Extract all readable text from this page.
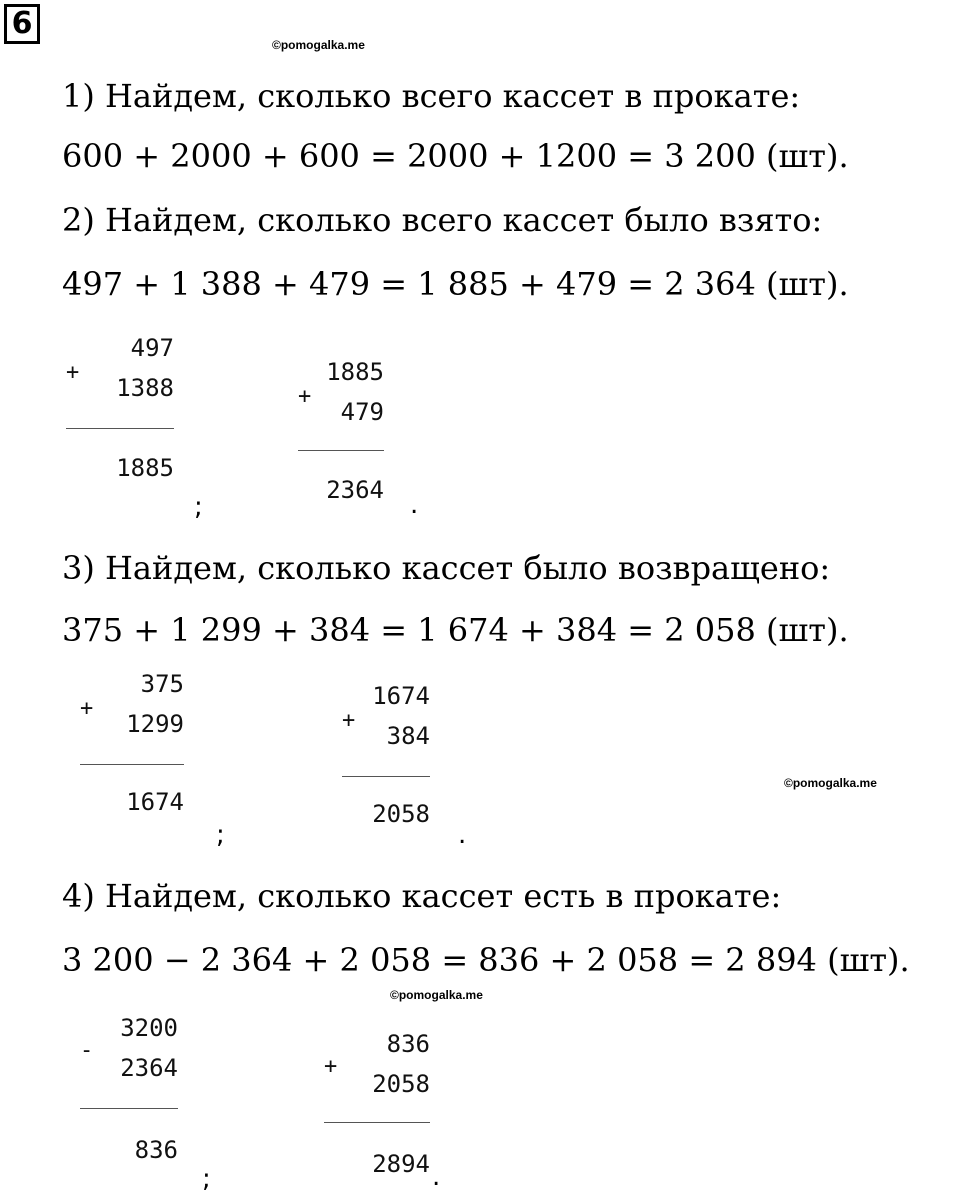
6
©pomogalka.me
©pomogalka.me
©pomogalka.me
1) Найдем, сколько всего кассет в прокате:
600 + 2000 + 600 = 2000 + 1200 = 3 200 (шт).
2) Найдем, сколько всего кассет было взято:
497 + 1 388 + 479 = 1 885 + 479 = 2 364 (шт).
+
497
1388
1885
;
+
1885
479
2364 .
3) Найдем, сколько кассет было возвращено:
375 + 1 299 + 384 = 1 674 + 384 = 2 058 (шт).
+
375
1299
1674
;
+
1674
384
2058
.
4) Найдем, сколько кассет есть в прокате:
3 200 − 2 364 + 2 058 = 836 + 2 058 = 2 894 (шт).
-
3200
2364
836
;
+
836
2058
2894 .
